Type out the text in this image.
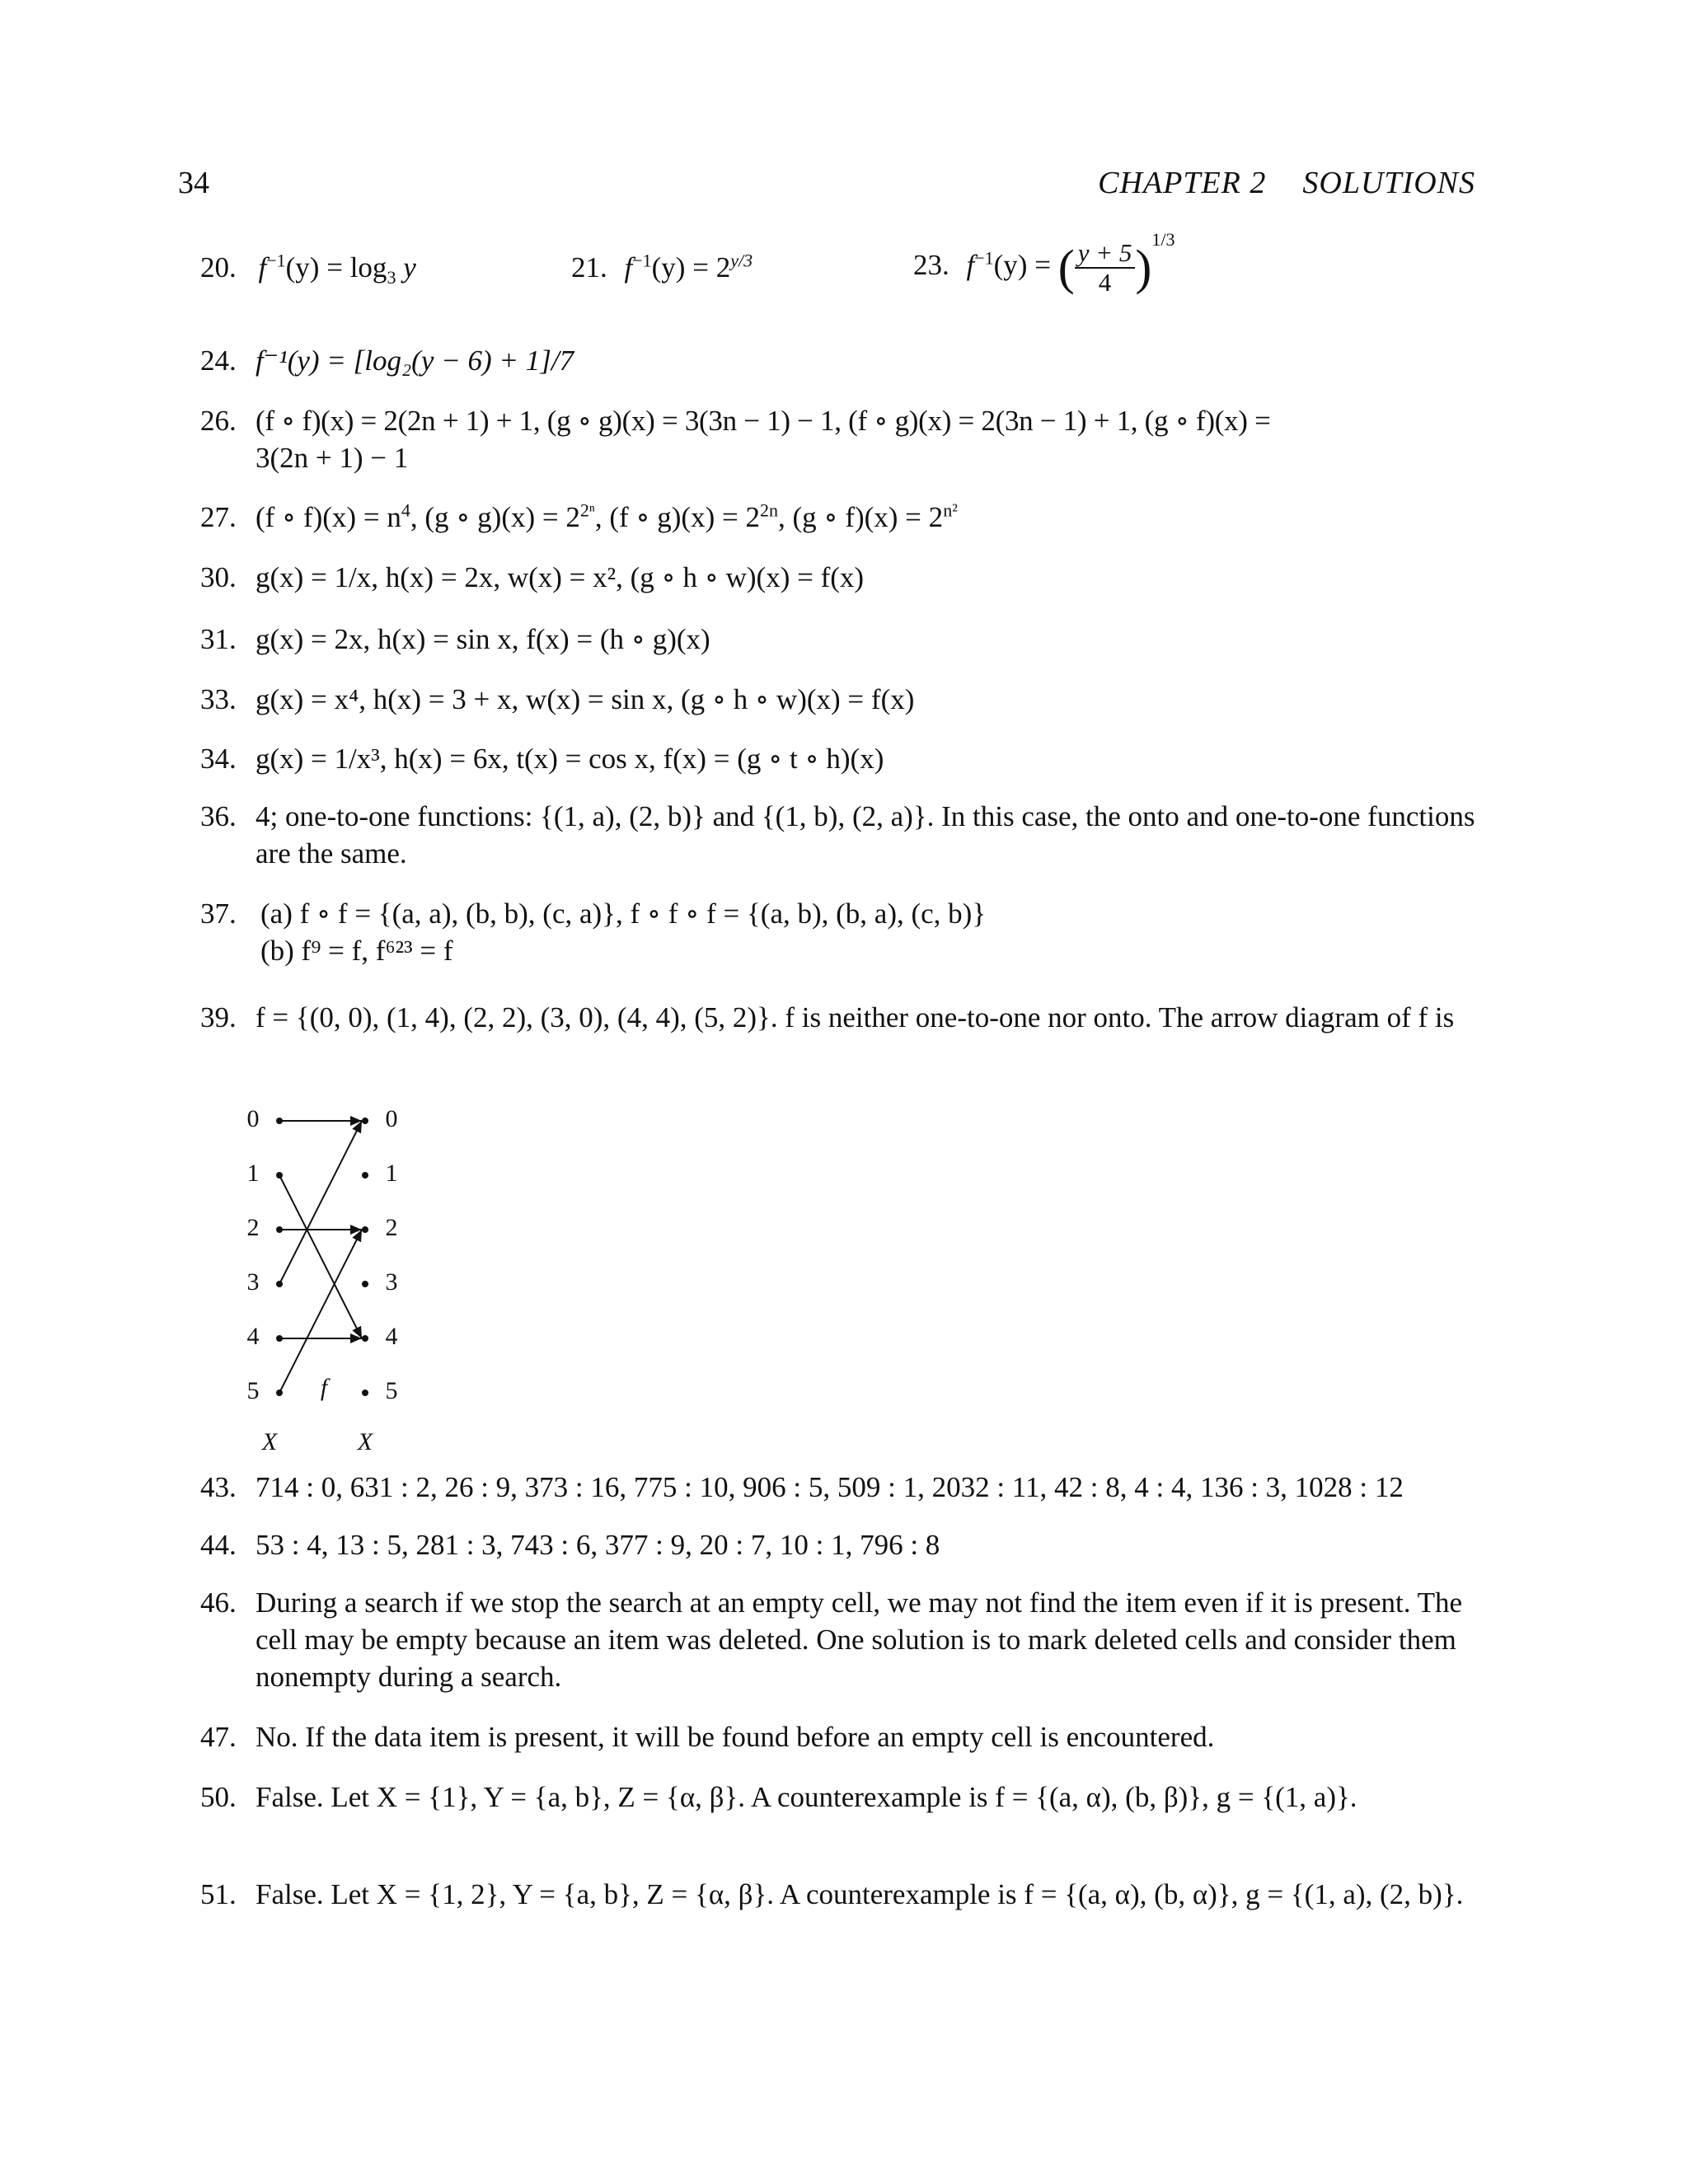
34	CHAPTER 2 SOLUTIONS
20. $f^{-1}(y) = \log_3 y$	21. $f^{-1}(y) = 2^{y/3}$	23. $f^{-1}(y)$ = ( $\frac{y + 5}{4} )^{1/3}$
24. f⁻¹(y) = [log₂(y − 6) + 1]/7
26. (f ∘ f)(x) = 2(2n + 1) + 1, (g ∘ g)(x) = 3(3n − 1) − 1, (f ∘ g)(x) = 2(3n − 1) + 1, (g ∘ f)(x) =
3(2n + 1) − 1
27. (f ∘ $f)(x) = n^4$, (g ∘ $g)(x) = 2^{2^n}$, (f ∘ $g)(x) = 2^{2n}$, (g ∘ $f)(x) = 2^{n^2}$
30. g(x) = 1/x, h(x) = 2x, w(x) = x², (g ∘ h ∘ w)(x) = f(x)
31. g(x) = 2x, h(x) = sin x, f(x) = (h ∘ g)(x)
33. g(x) = x⁴, h(x) = 3 + x, w(x) = sin x, (g ∘ h ∘ w)(x) = f(x)
34. g(x) = 1/x³, h(x) = 6x, t(x) = cos x, f(x) = (g ∘ t ∘ h)(x)
36. 4; one-to-one functions: {(1, a), (2, b)} and {(1, b), (2, a)}. In this case, the onto and one-to-one functions are the same.
37. (a) f ∘ f = {(a, a), (b, b), (c, a)}, f ∘ f ∘ f = {(a, b), (b, a), (c, b)}
(b) f⁹ = f, f⁶²³ = f
39. f = {(0, 0), (1, 4), (2, 2), (3, 0), (4, 4), (5, 2)}. f is neither one-to-one nor onto. The arrow diagram of f is
0
1
2
3
4
5
0
1
2
3
4
5
f
X	X
43. 714 : 0, 631 : 2, 26 : 9, 373 : 16, 775 : 10, 906 : 5, 509 : 1, 2032 : 11, 42 : 8, 4 : 4, 136 : 3, 1028 : 12
44. 53 : 4, 13 : 5, 281 : 3, 743 : 6, 377 : 9, 20 : 7, 10 : 1, 796 : 8
46. During a search if we stop the search at an empty cell, we may not find the item even if it is present. The cell may be empty because an item was deleted. One solution is to mark deleted cells and consider them nonempty during a search.
47. No. If the data item is present, it will be found before an empty cell is encountered.
50. False. Let X = {1}, Y = {a, b}, Z = {α, β}. A counterexample is f = {(a, α), (b, β)}, g = {(1, a)}.
51. False. Let X = {1, 2}, Y = {a, b}, Z = {α, β}. A counterexample is f = {(a, α), (b, α)}, g = {(1, a), (2, b)}.
